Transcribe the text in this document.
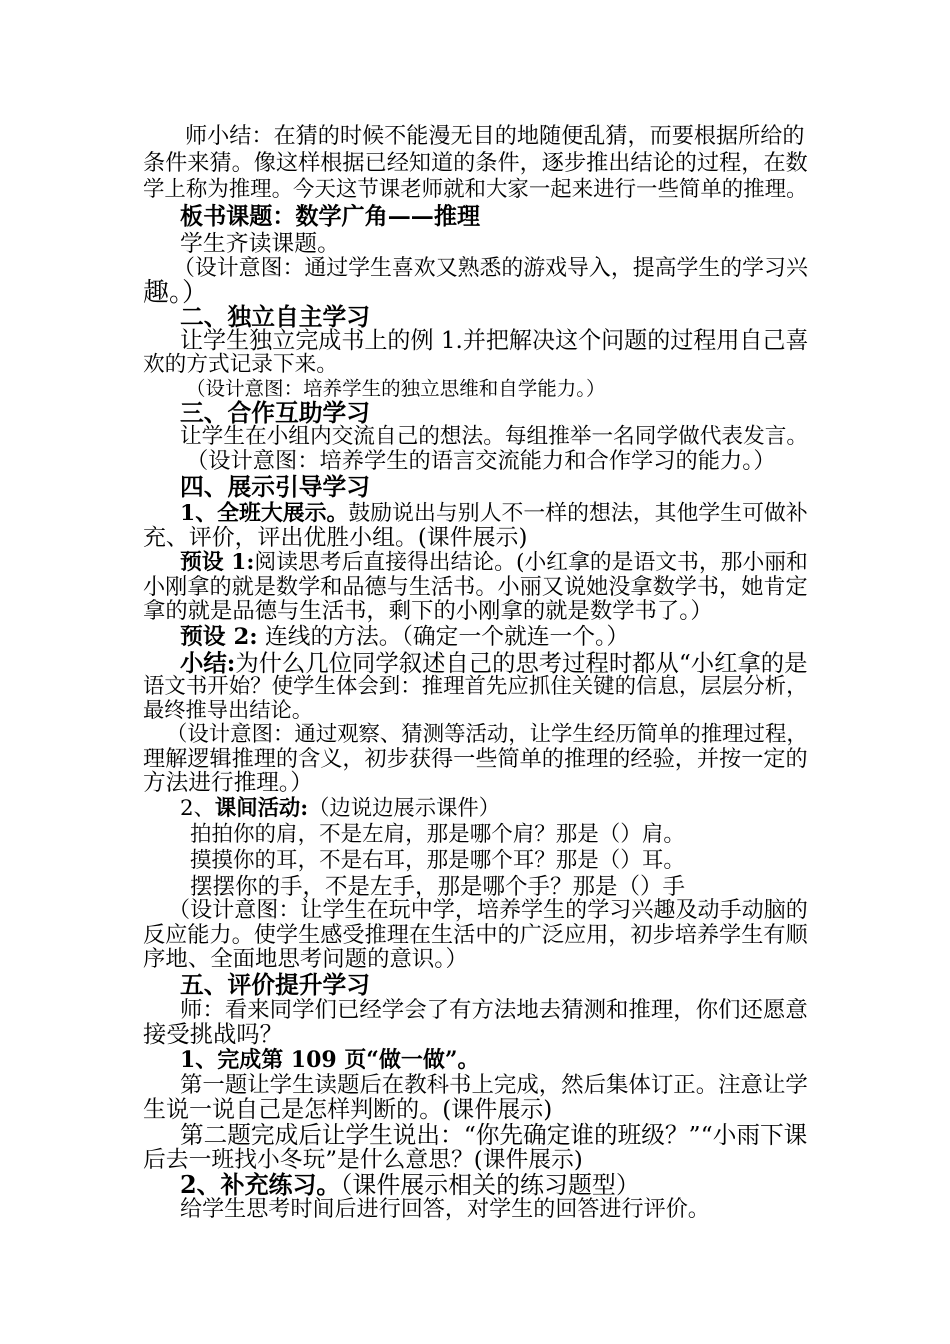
师小结：在猜的时候不能漫无目的地随便乱猜，而要根据所给的
条件来猜。像这样根据已经知道的条件，逐步推出结论的过程，在数
学上称为推理。今天这节课老师就和大家一起来进行一些简单的推理。
板书课题：数学广角——推理
学生齐读课题。
（设计意图：通过学生喜欢又熟悉的游戏导入，提高学生的学习兴
趣。）
二、独立自主学习
让学生独立完成书上的例 1.并把解决这个问题的过程用自己喜
欢的方式记录下来。
（设计意图：培养学生的独立思维和自学能力。）
三、合作互助学习
让学生在小组内交流自己的想法。每组推举一名同学做代表发言。
（设计意图：培养学生的语言交流能力和合作学习的能力。）
四、展示引导学习
1、全班大展示。鼓励说出与别人不一样的想法，其他学生可做补
充、评价，评出优胜小组。(课件展示)
预设 1:阅读思考后直接得出结论。(小红拿的是语文书，那小丽和
小刚拿的就是数学和品德与生活书。小丽又说她没拿数学书，她肯定
拿的就是品德与生活书，剩下的小刚拿的就是数学书了。）
预设 2: 连线的方法。（确定一个就连一个。）
小结:为什么几位同学叙述自己的思考过程时都从“小红拿的是
语文书开始？使学生体会到：推理首先应抓住关键的信息，层层分析，
最终推导出结论。
（设计意图：通过观察、猜测等活动，让学生经历简单的推理过程，
理解逻辑推理的含义，初步获得一些简单的推理的经验，并按一定的
方法进行推理。）
2、课间活动:（边说边展示课件）
拍拍你的肩，不是左肩，那是哪个肩？那是（）肩。
摸摸你的耳，不是右耳，那是哪个耳？那是（）耳。
摆摆你的手，不是左手，那是哪个手？那是（）手
（设计意图：让学生在玩中学，培养学生的学习兴趣及动手动脑的
反应能力。使学生感受推理在生活中的广泛应用，初步培养学生有顺
序地、全面地思考问题的意识。）
五、评价提升学习
师：看来同学们已经学会了有方法地去猜测和推理，你们还愿意
接受挑战吗？
1、完成第 109 页“做一做”。
第一题让学生读题后在教科书上完成，然后集体订正。注意让学
生说一说自己是怎样判断的。(课件展示)
第二题完成后让学生说出：“你先确定谁的班级？”“小雨下课
后去一班找小冬玩”是什么意思？(课件展示)
2、补充练习。（课件展示相关的练习题型）
给学生思考时间后进行回答，对学生的回答进行评价。
